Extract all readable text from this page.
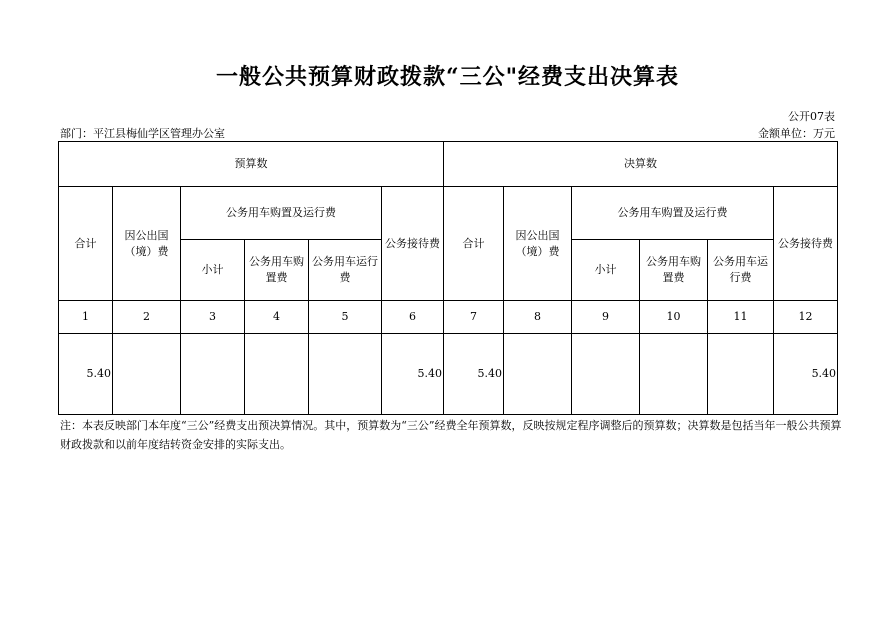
一般公共预算财政拨款“三公"经费支出决算表
公开07表
部门：平江县梅仙学区管理办公室	金额单位：万元
预算数						决算数					
合计	因公出国（境）费	公务用车购置及运行费			公务接待费	合计	因公出国（境）费	公务用车购置及运行费			公务接待费
		小计	公务用车购置费	公务用车运行费				小计	公务用车购置费	公务用车运行费	
1	2	3	4	5	6	7	8	9	10	11	12
5.40					5.40	5.40					5.40
注：本表反映部门本年度“三公”经费支出预决算情况。其中，预算数为“三公”经费全年预算数，反映按规定程序调整后的预算数；决算数是包括当年一般公共预算财政拨款和以前年度结转资金安排的实际支出。
